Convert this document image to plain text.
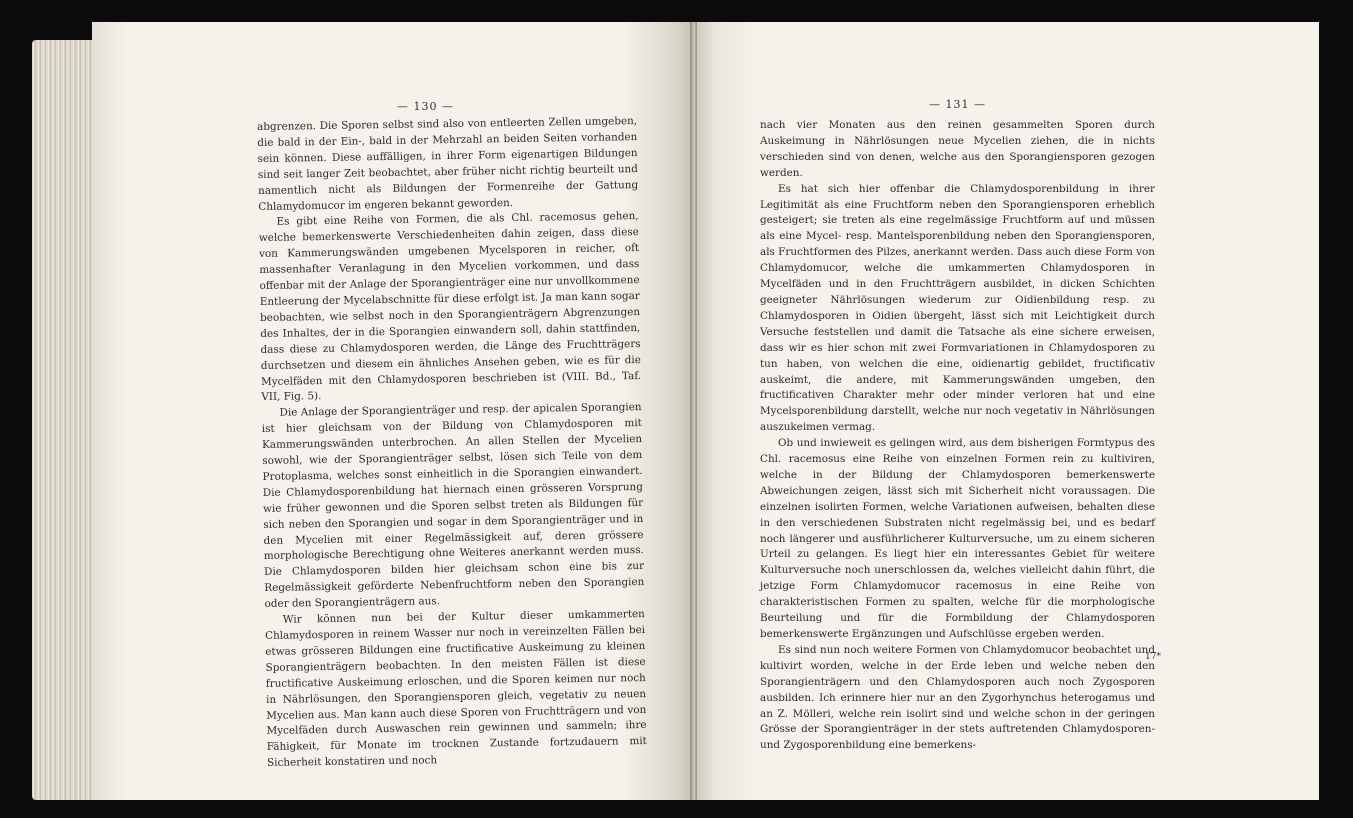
— 130 —

abgrenzen. Die Sporen selbst sind also von entleerten Zellen umgeben, die bald in der Ein-, bald in der Mehrzahl an beiden Seiten vorhanden sein können. Diese auffälligen, in ihrer Form eigenartigen Bildungen sind seit langer Zeit beobachtet, aber früher nicht richtig beurteilt und namentlich nicht als Bildungen der Formenreihe der Gattung Chlamydomucor im engeren bekannt geworden.

Es gibt eine Reihe von Formen, die als Chl. racemosus gehen, welche bemerkenswerte Verschiedenheiten dahin zeigen, dass diese von Kammerungswänden umgebenen Mycelsporen in reicher, oft massenhafter Veranlagung in den Mycelien vorkommen, und dass offenbar mit der Anlage der Sporangienträger eine nur unvollkommene Entleerung der Mycelabschnitte für diese erfolgt ist. Ja man kann sogar beobachten, wie selbst noch in den Sporangienträgern Abgrenzungen des Inhaltes, der in die Sporangien einwandern soll, dahin stattfinden, dass diese zu Chlamydosporen werden, die Länge des Fruchtträgers durchsetzen und diesem ein ähnliches Ansehen geben, wie es für die Mycelfäden mit den Chlamydosporen beschrieben ist (VIII. Bd., Taf. VII, Fig. 5).

Die Anlage der Sporangienträger und resp. der apicalen Sporangien ist hier gleichsam von der Bildung von Chlamydosporen mit Kammerungswänden unterbrochen. An allen Stellen der Mycelien sowohl, wie der Sporangienträger selbst, lösen sich Teile von dem Protoplasma, welches sonst einheitlich in die Sporangien einwandert. Die Chlamydosporenbildung hat hiernach einen grösseren Vorsprung wie früher gewonnen und die Sporen selbst treten als Bildungen für sich neben den Sporangien und sogar in dem Sporangienträger und in den Mycelien mit einer Regelmässigkeit auf, deren grössere morphologische Berechtigung ohne Weiteres anerkannt werden muss. Die Chlamydosporen bilden hier gleichsam schon eine bis zur Regelmässigkeit geförderte Nebenfruchtform neben den Sporangien oder den Sporangienträgern aus.

Wir können nun bei der Kultur dieser umkammerten Chlamydosporen in reinem Wasser nur noch in vereinzelten Fällen bei etwas grösseren Bildungen eine fructificative Auskeimung zu kleinen Sporangienträgern beobachten. In den meisten Fällen ist diese fructificative Auskeimung erloschen, und die Sporen keimen nur noch in Nährlösungen, den Sporangiensporen gleich, vegetativ zu neuen Mycelien aus. Man kann auch diese Sporen von Fruchtträgern und von Mycelfäden durch Auswaschen rein gewinnen und sammeln; ihre Fähigkeit, für Monate im trocknen Zustande fortzudauern mit Sicherheit konstatiren und noch

— 131 —

nach vier Monaten aus den reinen gesammelten Sporen durch Auskeimung in Nährlösungen neue Mycelien ziehen, die in nichts verschieden sind von denen, welche aus den Sporangiensporen gezogen werden.

Es hat sich hier offenbar die Chlamydosporenbildung in ihrer Legitimität als eine Fruchtform neben den Sporangiensporen erheblich gesteigert; sie treten als eine regelmässige Fruchtform auf und müssen als eine Mycel- resp. Mantelsporenbildung neben den Sporangiensporen, als Fruchtformen des Pilzes, anerkannt werden. Dass auch diese Form von Chlamydomucor, welche die umkammerten Chlamydosporen in Mycelfäden und in den Fruchtträgern ausbildet, in dicken Schichten geeigneter Nährlösungen wiederum zur Oidienbildung resp. zu Chlamydosporen in Oidien übergeht, lässt sich mit Leichtigkeit durch Versuche feststellen und damit die Tatsache als eine sichere erweisen, dass wir es hier schon mit zwei Formvariationen in Chlamydosporen zu tun haben, von welchen die eine, oidienartig gebildet, fructificativ auskeimt, die andere, mit Kammerungswänden umgeben, den fructificativen Charakter mehr oder minder verloren hat und eine Mycelsporenbildung darstellt, welche nur noch vegetativ in Nährlösungen auszukeimen vermag.

Ob und inwieweit es gelingen wird, aus dem bisherigen Formtypus des Chl. racemosus eine Reihe von einzelnen Formen rein zu kultiviren, welche in der Bildung der Chlamydosporen bemerkenswerte Abweichungen zeigen, lässt sich mit Sicherheit nicht voraussagen. Die einzelnen isolirten Formen, welche Variationen aufweisen, behalten diese in den verschiedenen Substraten nicht regelmässig bei, und es bedarf noch längerer und ausführlicherer Kulturversuche, um zu einem sicheren Urteil zu gelangen. Es liegt hier ein interessantes Gebiet für weitere Kulturversuche noch unerschlossen da, welches vielleicht dahin führt, die jetzige Form Chlamydomucor racemosus in eine Reihe von charakteristischen Formen zu spalten, welche für die morphologische Beurteilung und für die Formbildung der Chlamydosporen bemerkenswerte Ergänzungen und Aufschlüsse ergeben werden.

Es sind nun noch weitere Formen von Chlamydomucor beobachtet und kultivirt worden, welche in der Erde leben und welche neben den Sporangienträgern und den Chlamydosporen auch noch Zygosporen ausbilden. Ich erinnere hier nur an den Zygorhynchus heterogamus und an Z. Mölleri, welche rein isolirt sind und welche schon in der geringen Grösse der Sporangienträger in der stets auftretenden Chlamydosporen- und Zygosporenbildung eine bemerkens-

17*
